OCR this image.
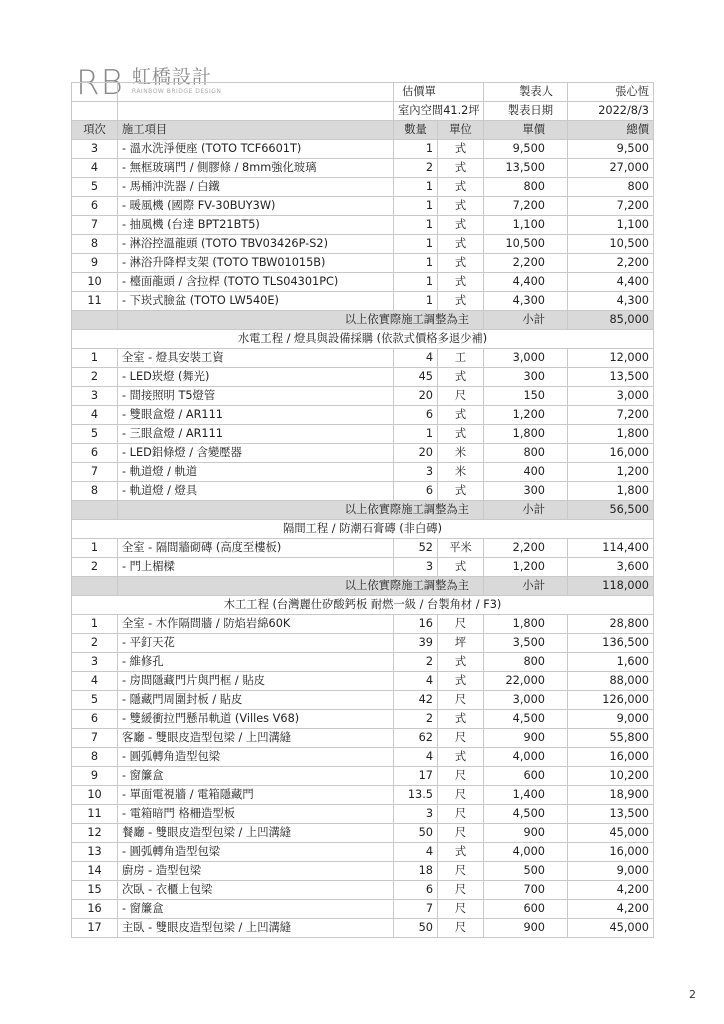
RB 虹橋設計
RAINBOW BRIDGE DESIGN
			估價單		製表人	張心恆
		室內空間41.2坪		製表日期	2022/8/3
項次	施工項目	數量	單位	單價	總價
3	- 溫水洗淨便座 (TOTO TCF6601T)	1	式	9,500	9,500
4	- 無框玻璃門 / 側膠條 / 8mm強化玻璃	2	式	13,500	27,000
5	- 馬桶沖洗器 / 白鐵	1	式	800	800
6	- 暖風機 (國際 FV-30BUY3W)	1	式	7,200	7,200
7	- 抽風機 (台達 BPT21BT5)	1	式	1,100	1,100
8	- 淋浴控溫龍頭 (TOTO TBV03426P-S2)	1	式	10,500	10,500
9	- 淋浴升降桿支架 (TOTO TBW01015B)	1	式	2,200	2,200
10	- 檯面龍頭 / 含拉桿 (TOTO TLS04301PC)	1	式	4,400	4,400
11	- 下崁式臉盆 (TOTO LW540E)	1	式	4,300	4,300
	以上依實際施工調整為主			小計	85,000
水電工程 / 燈具與設備採購 (依款式價格多退少補)					
1	全室 - 燈具安裝工資	4	工	3,000	12,000
2	- LED崁燈 (舞光)	45	式	300	13,500
3	- 間接照明 T5燈管	20	尺	150	3,000
4	- 雙眼盒燈 / AR111	6	式	1,200	7,200
5	- 三眼盒燈 / AR111	1	式	1,800	1,800
6	- LED鋁條燈 / 含變壓器	20	米	800	16,000
7	- 軌道燈 / 軌道	3	米	400	1,200
8	- 軌道燈 / 燈具	6	式	300	1,800
	以上依實際施工調整為主			小計	56,500
隔間工程 / 防潮石膏磚 (非白磚)					
1	全室 - 隔間牆砌磚 (高度至樓板)	52	平米	2,200	114,400
2	- 門上楣樑	3	式	1,200	3,600
	以上依實際施工調整為主			小計	118,000
木工工程 (台灣麗仕矽酸鈣板 耐燃一級 / 台製角材 / F3)					
1	全室 - 木作隔間牆 / 防焰岩綿60K	16	尺	1,800	28,800
2	- 平釘天花	39	坪	3,500	136,500
3	- 維修孔	2	式	800	1,600
4	- 房間隱藏門片與門框 / 貼皮	4	式	22,000	88,000
5	- 隱藏門周圍封板 / 貼皮	42	尺	3,000	126,000
6	- 雙緩衝拉門懸吊軌道 (Villes V68)	2	式	4,500	9,000
7	客廳 - 雙眼皮造型包梁 / 上凹溝縫	62	尺	900	55,800
8	- 圓弧轉角造型包梁	4	式	4,000	16,000
9	- 窗簾盒	17	尺	600	10,200
10	- 單面電視牆 / 電箱隱藏門	13.5	尺	1,400	18,900
11	- 電箱暗門 格柵造型板	3	尺	4,500	13,500
12	餐廳 - 雙眼皮造型包梁 / 上凹溝縫	50	尺	900	45,000
13	- 圓弧轉角造型包梁	4	式	4,000	16,000
14	廚房 - 造型包梁	18	尺	500	9,000
15	次臥 - 衣櫃上包梁	6	尺	700	4,200
16	- 窗簾盒	7	尺	600	4,200
17	主臥 - 雙眼皮造型包梁 / 上凹溝縫	50	尺	900	45,000
2
